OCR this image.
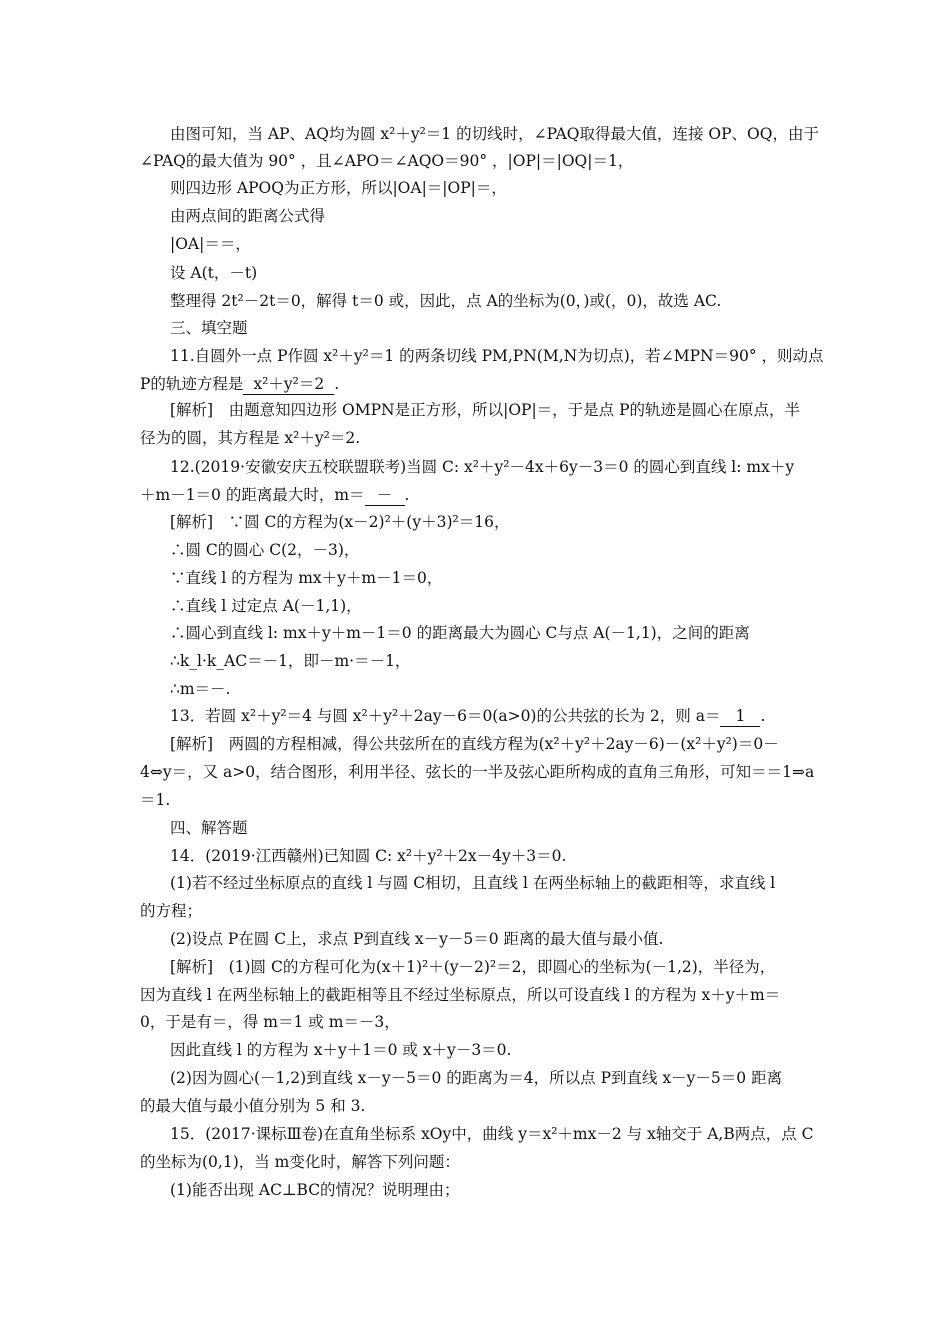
由图可知，当 AP、AQ均为圆 x²＋y²＝1 的切线时，∠PAQ取得最大值，连接 OP、OQ，由于
∠PAQ的最大值为 90° ，且∠APO＝∠AQO＝90° ，|OP|＝|OQ|＝1，
则四边形 APOQ为正方形，所以|OA|＝|OP|＝，
由两点间的距离公式得
|OA|＝＝，
设 A(t，－t)
整理得 2t²－2t＝0，解得 t＝0 或，因此，点 A的坐标为(0，)或(，0)，故选 AC.
三、填空题
11.自圆外一点 P作圆 x²＋y²＝1 的两条切线 PM,PN(M,N为切点)，若∠MPN＝90° ，则动点
P的轨迹方程是 x²＋y²＝2 .
[解析]　由题意知四边形 OMPN是正方形，所以|OP|＝，于是点 P的轨迹是圆心在原点，半
径为的圆，其方程是 x²＋y²＝2.
12.(2019·安徽安庆五校联盟联考)当圆 C: x²＋y²－4x＋6y－3＝0 的圆心到直线 l: mx＋y
＋m－1＝0 的距离最大时，m＝ － .
[解析]　∵圆 C的方程为(x－2)²＋(y＋3)²＝16，
∴圆 C的圆心 C(2，－3)，
∵直线 l 的方程为 mx＋y＋m－1＝0，
∴直线 l 过定点 A(－1,1)，
∴圆心到直线 l: mx＋y＋m－1＝0 的距离最大为圆心 C与点 A(－1,1)，之间的距离
∴k_l·k_AC＝－1，即－m·＝－1，
∴m＝－.
13．若圆 x²＋y²＝4 与圆 x²＋y²＋2ay－6＝0(a>0)的公共弦的长为 2，则 a＝ 1 .
[解析]　两圆的方程相减，得公共弦所在的直线方程为(x²＋y²＋2ay－6)－(x²＋y²)＝0－
4⇔y＝，又 a>0，结合图形，利用半径、弦长的一半及弦心距所构成的直角三角形，可知＝＝1⇒a
＝1.
四、解答题
14．(2019·江西赣州)已知圆 C: x²＋y²＋2x－4y＋3＝0.
(1)若不经过坐标原点的直线 l 与圆 C相切，且直线 l 在两坐标轴上的截距相等，求直线 l
的方程；
(2)设点 P在圆 C上，求点 P到直线 x－y－5＝0 距离的最大值与最小值.
[解析]　(1)圆 C的方程可化为(x＋1)²＋(y－2)²＝2，即圆心的坐标为(－1,2)，半径为，
因为直线 l 在两坐标轴上的截距相等且不经过坐标原点，所以可设直线 l 的方程为 x＋y＋m＝
0，于是有＝，得 m＝1 或 m＝－3，
因此直线 l 的方程为 x＋y＋1＝0 或 x＋y－3＝0.
(2)因为圆心(－1,2)到直线 x－y－5＝0 的距离为＝4，所以点 P到直线 x－y－5＝0 距离
的最大值与最小值分别为 5 和 3.
15．(2017·课标Ⅲ卷)在直角坐标系 xOy中，曲线 y＝x²＋mx－2 与 x轴交于 A,B两点，点 C
的坐标为(0,1)，当 m变化时，解答下列问题：
(1)能否出现 AC⊥BC的情况？说明理由；
